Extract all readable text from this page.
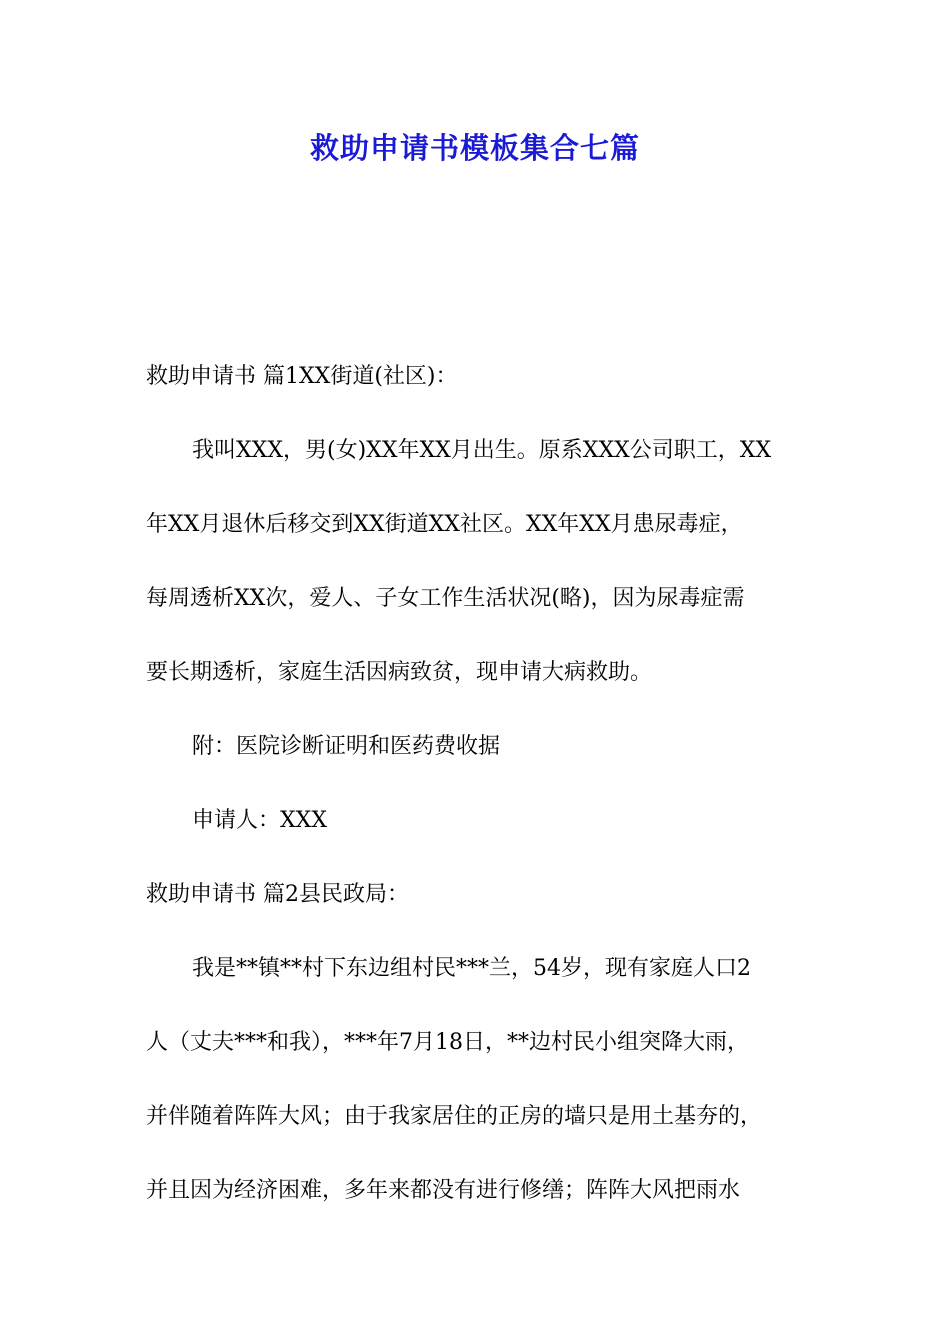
救助申请书模板集合七篇
救助申请书 篇1XX街道(社区)：
我叫XXX，男(女)XX年XX月出生。原系XXX公司职工，XX
年XX月退休后移交到XX街道XX社区。XX年XX月患尿毒症，
每周透析XX次，爱人、子女工作生活状况(略)，因为尿毒症需
要长期透析，家庭生活因病致贫，现申请大病救助。
附：医院诊断证明和医药费收据
申请人：XXX
救助申请书 篇2县民政局：
我是**镇**村下东边组村民***兰，54岁，现有家庭人口2
人（丈夫***和我），***年7月18日，**边村民小组突降大雨，
并伴随着阵阵大风；由于我家居住的正房的墙只是用土基夯的，
并且因为经济困难，多年来都没有进行修缮；阵阵大风把雨水
